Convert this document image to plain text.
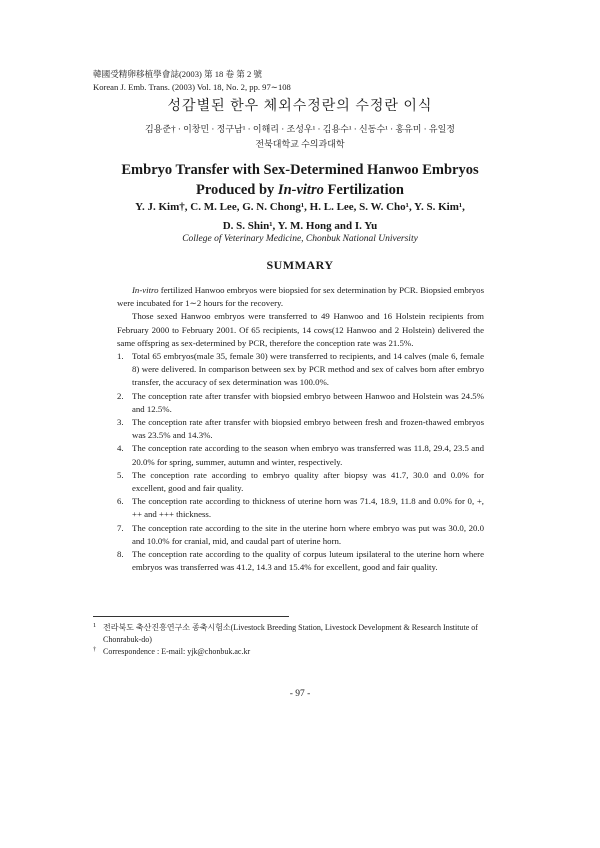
韓國受精卵移植學會誌(2003) 第 18 卷 第 2 號
Korean J. Emb. Trans. (2003) Vol. 18, No. 2, pp. 97∼108
성감별된 한우 체외수정란의 수정란 이식
김용준† · 이창민 · 정구남¹ · 이해리 · 조성우¹ · 김용수¹ · 신동수¹ · 홍유미 · 유일정
전북대학교 수의과대학
Embryo Transfer with Sex-Determined Hanwoo Embryos
Produced by In-vitro Fertilization
Y. J. Kim†, C. M. Lee, G. N. Chong¹, H. L. Lee, S. W. Cho¹, Y. S. Kim¹,
D. S. Shin¹, Y. M. Hong and I. Yu
College of Veterinary Medicine, Chonbuk National University
SUMMARY

In-vitro fertilized Hanwoo embryos were biopsied for sex determination by PCR. Biopsied embryos were incubated for 1∼2 hours for the recovery.

Those sexed Hanwoo embryos were transferred to 49 Hanwoo and 16 Holstein recipients from February 2000 to February 2001. Of 65 recipients, 14 cows(12 Hanwoo and 2 Holstein) delivered the same offspring as sex-determined by PCR, therefore the conception rate was 21.5%.

1. Total 65 embryos(male 35, female 30) were transferred to recipients, and 14 calves (male 6, female 8) were delivered. In comparison between sex by PCR method and sex of calves born after embryo transfer, the accuracy of sex determination was 100.0%.
2. The conception rate after transfer with biopsied embryo between Hanwoo and Holstein was 24.5% and 12.5%.
3. The conception rate after transfer with biopsied embryo between fresh and frozen-thawed embryos was 23.5% and 14.3%.
4. The conception rate according to the season when embryo was transferred was 11.8, 29.4, 23.5 and 20.0% for spring, summer, autumn and winter, respectively.
5. The conception rate according to embryo quality after biopsy was 41.7, 30.0 and 0.0% for excellent, good and fair quality.
6. The conception rate according to thickness of uterine horn was 71.4, 18.9, 11.8 and 0.0% for 0, +, ++ and +++ thickness.
7. The conception rate according to the site in the uterine horn where embryo was put was 30.0, 20.0 and 10.0% for cranial, mid, and caudal part of uterine horn.
8. The conception rate according to the quality of corpus luteum ipsilateral to the uterine horn where embryos was transferred was 41.2, 14.3 and 15.4% for excellent, good and fair quality.
1 전라북도 축산진흥연구소 종축시험소(Livestock Breeding Station, Livestock Development & Research Institute of Chonrabuk-do)
† Correspondence : E-mail: yjk@chonbuk.ac.kr
- 97 -
